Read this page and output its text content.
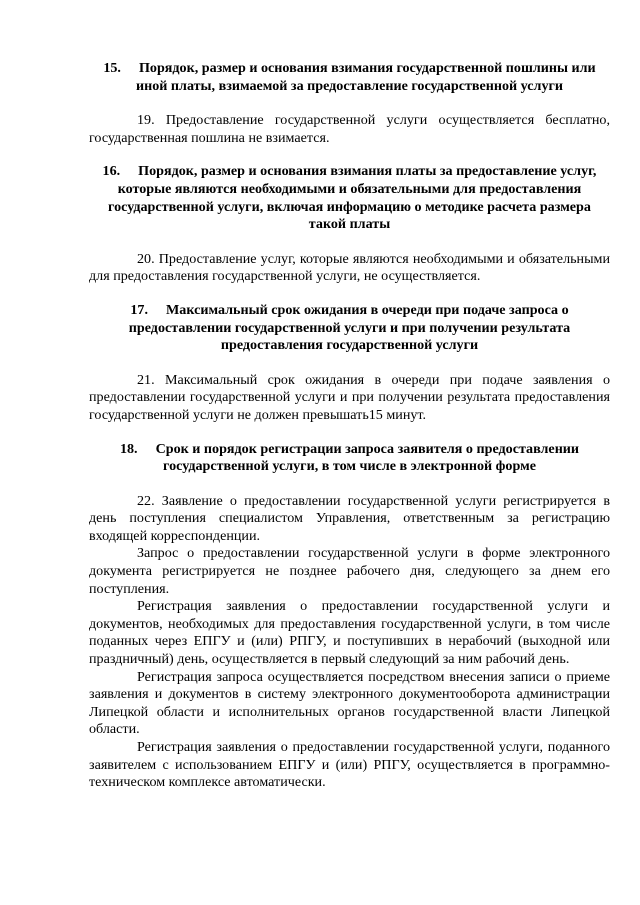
15. Порядок, размер и основания взимания государственной пошлины или иной платы, взимаемой за предоставление государственной услуги

19. Предоставление государственной услуги осуществляется бесплатно, государственная пошлина не взимается.

16. Порядок, размер и основания взимания платы за предоставление услуг, которые являются необходимыми и обязательными для предоставления государственной услуги, включая информацию о методике расчета размера такой платы

20. Предоставление услуг, которые являются необходимыми и обязательными для предоставления государственной услуги, не осуществляется.

17. Максимальный срок ожидания в очереди при подаче запроса о предоставлении государственной услуги и при получении результата предоставления государственной услуги

21. Максимальный срок ожидания в очереди при подаче заявления о предоставлении государственной услуги и при получении результата предоставления государственной услуги не должен превышать15 минут.

18. Срок и порядок регистрации запроса заявителя о предоставлении государственной услуги, в том числе в электронной форме

22. Заявление о предоставлении государственной услуги регистрируется в день поступления специалистом Управления, ответственным за регистрацию входящей корреспонденции.

Запрос о предоставлении государственной услуги в форме электронного документа регистрируется не позднее рабочего дня, следующего за днем его поступления.

Регистрация заявления о предоставлении государственной услуги и документов, необходимых для предоставления государственной услуги, в том числе поданных через ЕПГУ и (или) РПГУ, и поступивших в нерабочий (выходной или праздничный) день, осуществляется в первый следующий за ним рабочий день.

Регистрация запроса осуществляется посредством внесения записи о приеме заявления и документов в систему электронного документооборота администрации Липецкой области и исполнительных органов государственной власти Липецкой области.

Регистрация заявления о предоставлении государственной услуги, поданного заявителем с использованием ЕПГУ и (или) РПГУ, осуществляется в программно-техническом комплексе автоматически.
